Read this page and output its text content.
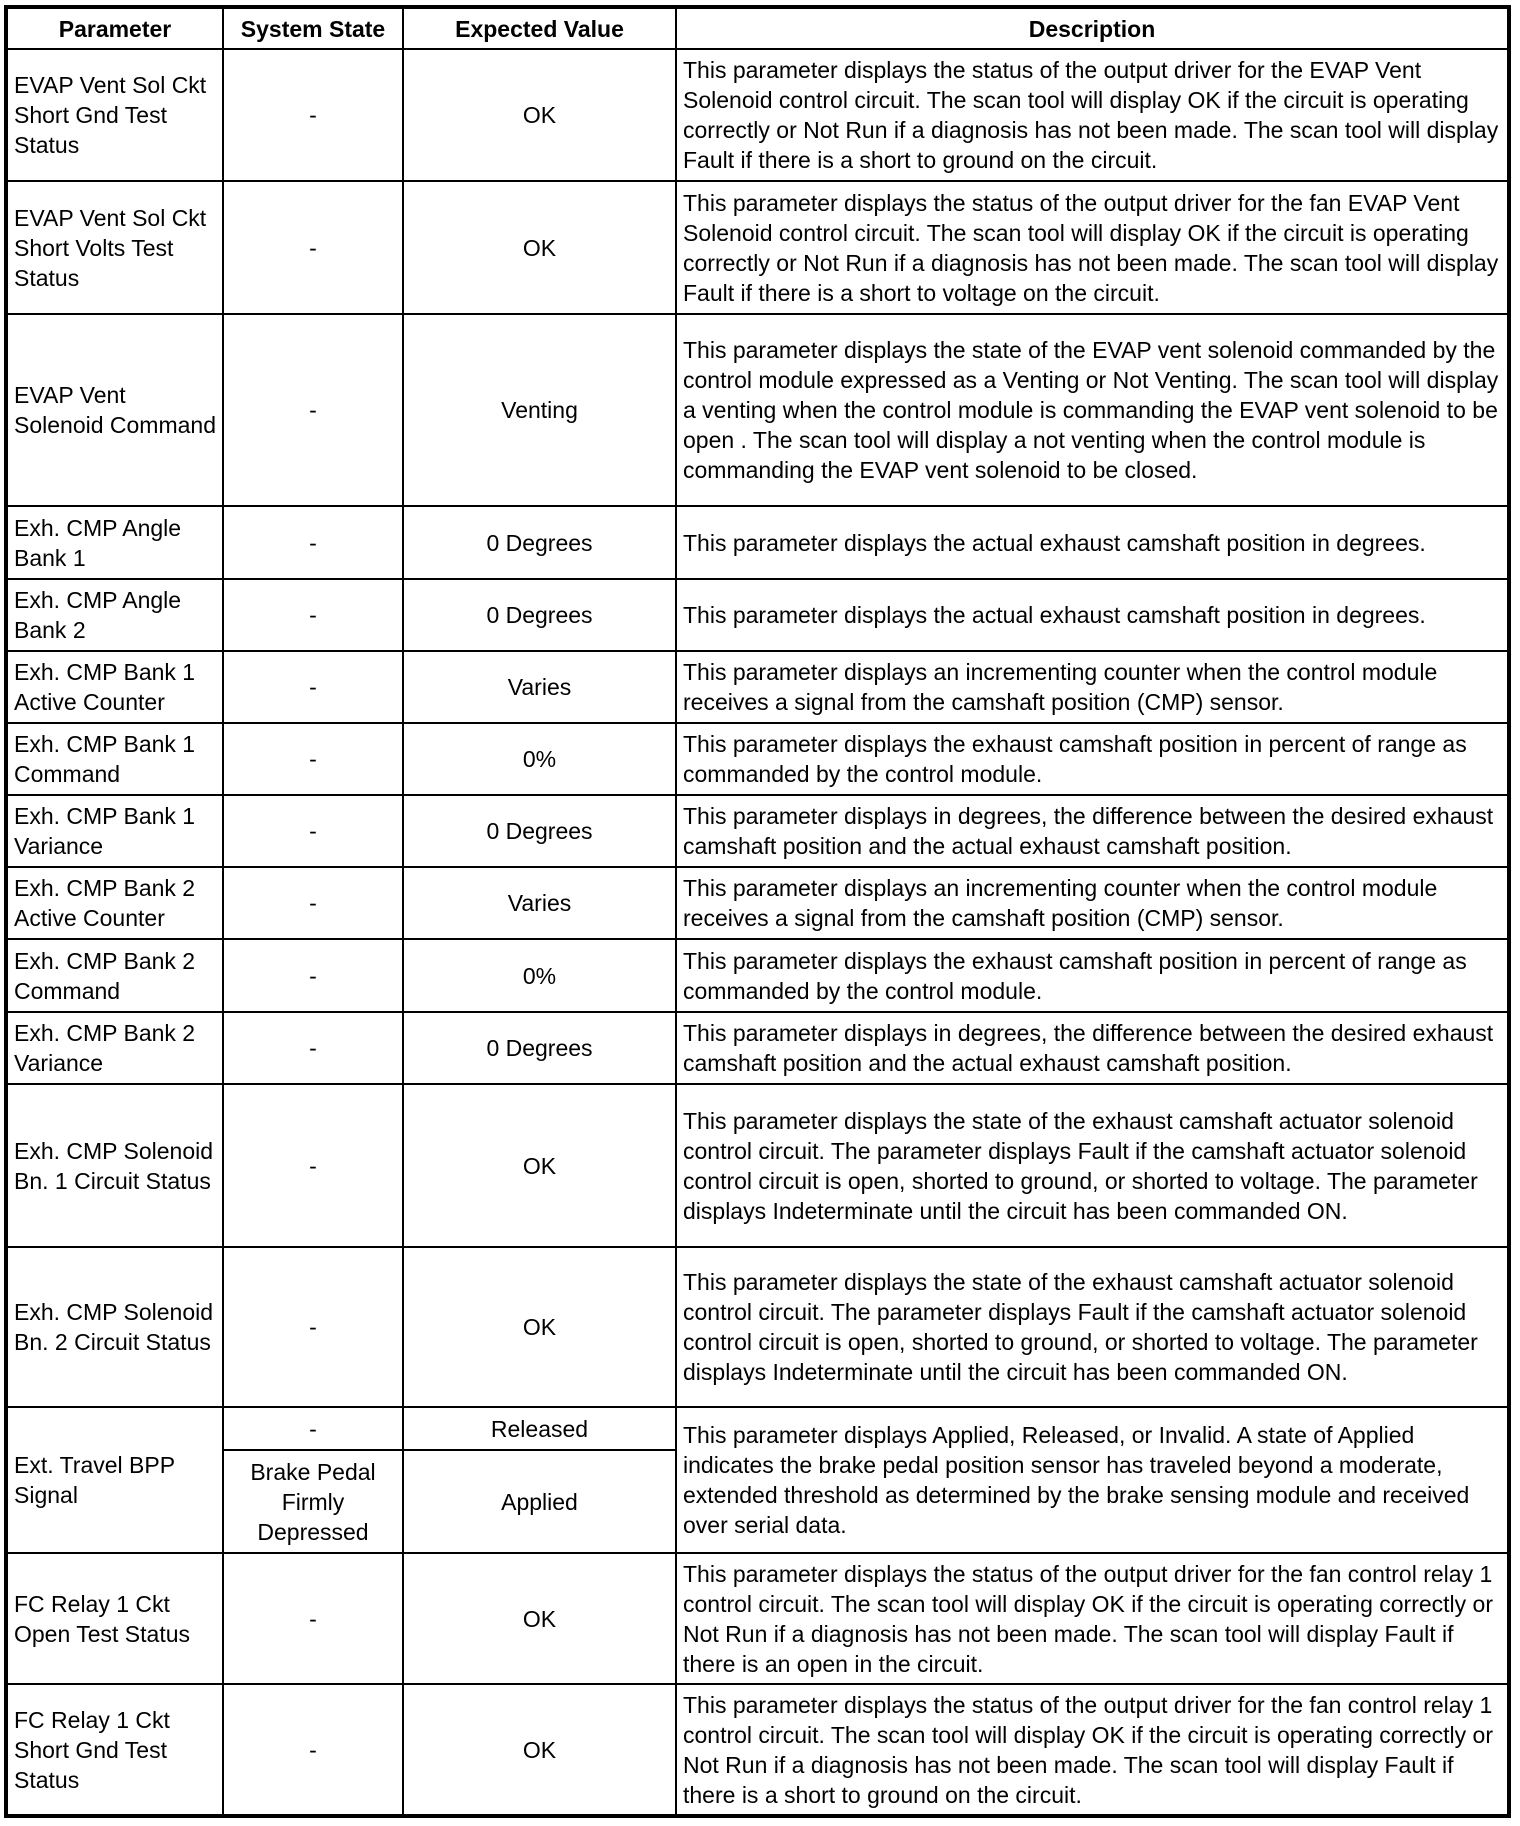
Parameter	System State	Expected Value	Description
EVAP Vent Sol Ckt Short Gnd Test Status	-	OK	This parameter displays the status of the output driver for the EVAP Vent Solenoid control circuit. The scan tool will display OK if the circuit is operating correctly or Not Run if a diagnosis has not been made. The scan tool will display Fault if there is a short to ground on the circuit.
EVAP Vent Sol Ckt Short Volts Test Status	-	OK	This parameter displays the status of the output driver for the fan EVAP Vent Solenoid control circuit. The scan tool will display OK if the circuit is operating correctly or Not Run if a diagnosis has not been made. The scan tool will display Fault if there is a short to voltage on the circuit.
EVAP Vent Solenoid Command	-	Venting	This parameter displays the state of the EVAP vent solenoid commanded by the control module expressed as a Venting or Not Venting. The scan tool will display a venting when the control module is commanding the EVAP vent solenoid to be open . The scan tool will display a not venting when the control module is commanding the EVAP vent solenoid to be closed.
Exh. CMP Angle Bank 1	-	0 Degrees	This parameter displays the actual exhaust camshaft position in degrees.
Exh. CMP Angle Bank 2	-	0 Degrees	This parameter displays the actual exhaust camshaft position in degrees.
Exh. CMP Bank 1 Active Counter	-	Varies	This parameter displays an incrementing counter when the control module receives a signal from the camshaft position (CMP) sensor.
Exh. CMP Bank 1 Command	-	0%	This parameter displays the exhaust camshaft position in percent of range as commanded by the control module.
Exh. CMP Bank 1 Variance	-	0 Degrees	This parameter displays in degrees, the difference between the desired exhaust camshaft position and the actual exhaust camshaft position.
Exh. CMP Bank 2 Active Counter	-	Varies	This parameter displays an incrementing counter when the control module receives a signal from the camshaft position (CMP) sensor.
Exh. CMP Bank 2 Command	-	0%	This parameter displays the exhaust camshaft position in percent of range as commanded by the control module.
Exh. CMP Bank 2 Variance	-	0 Degrees	This parameter displays in degrees, the difference between the desired exhaust camshaft position and the actual exhaust camshaft position.
Exh. CMP Solenoid Bn. 1 Circuit Status	-	OK	This parameter displays the state of the exhaust camshaft actuator solenoid control circuit. The parameter displays Fault if the camshaft actuator solenoid control circuit is open, shorted to ground, or shorted to voltage. The parameter displays Indeterminate until the circuit has been commanded ON.
Exh. CMP Solenoid Bn. 2 Circuit Status	-	OK	This parameter displays the state of the exhaust camshaft actuator solenoid control circuit. The parameter displays Fault if the camshaft actuator solenoid control circuit is open, shorted to ground, or shorted to voltage. The parameter displays Indeterminate until the circuit has been commanded ON.
Ext. Travel BPP Signal	-	Released	This parameter displays Applied, Released, or Invalid. A state of Applied indicates the brake pedal position sensor has traveled beyond a moderate, extended threshold as determined by the brake sensing module and received over serial data.
	Brake Pedal Firmly Depressed	Applied	
FC Relay 1 Ckt Open Test Status	-	OK	This parameter displays the status of the output driver for the fan control relay 1 control circuit. The scan tool will display OK if the circuit is operating correctly or Not Run if a diagnosis has not been made. The scan tool will display Fault if there is an open in the circuit.
FC Relay 1 Ckt Short Gnd Test Status	-	OK	This parameter displays the status of the output driver for the fan control relay 1 control circuit. The scan tool will display OK if the circuit is operating correctly or Not Run if a diagnosis has not been made. The scan tool will display Fault if there is a short to ground on the circuit.
